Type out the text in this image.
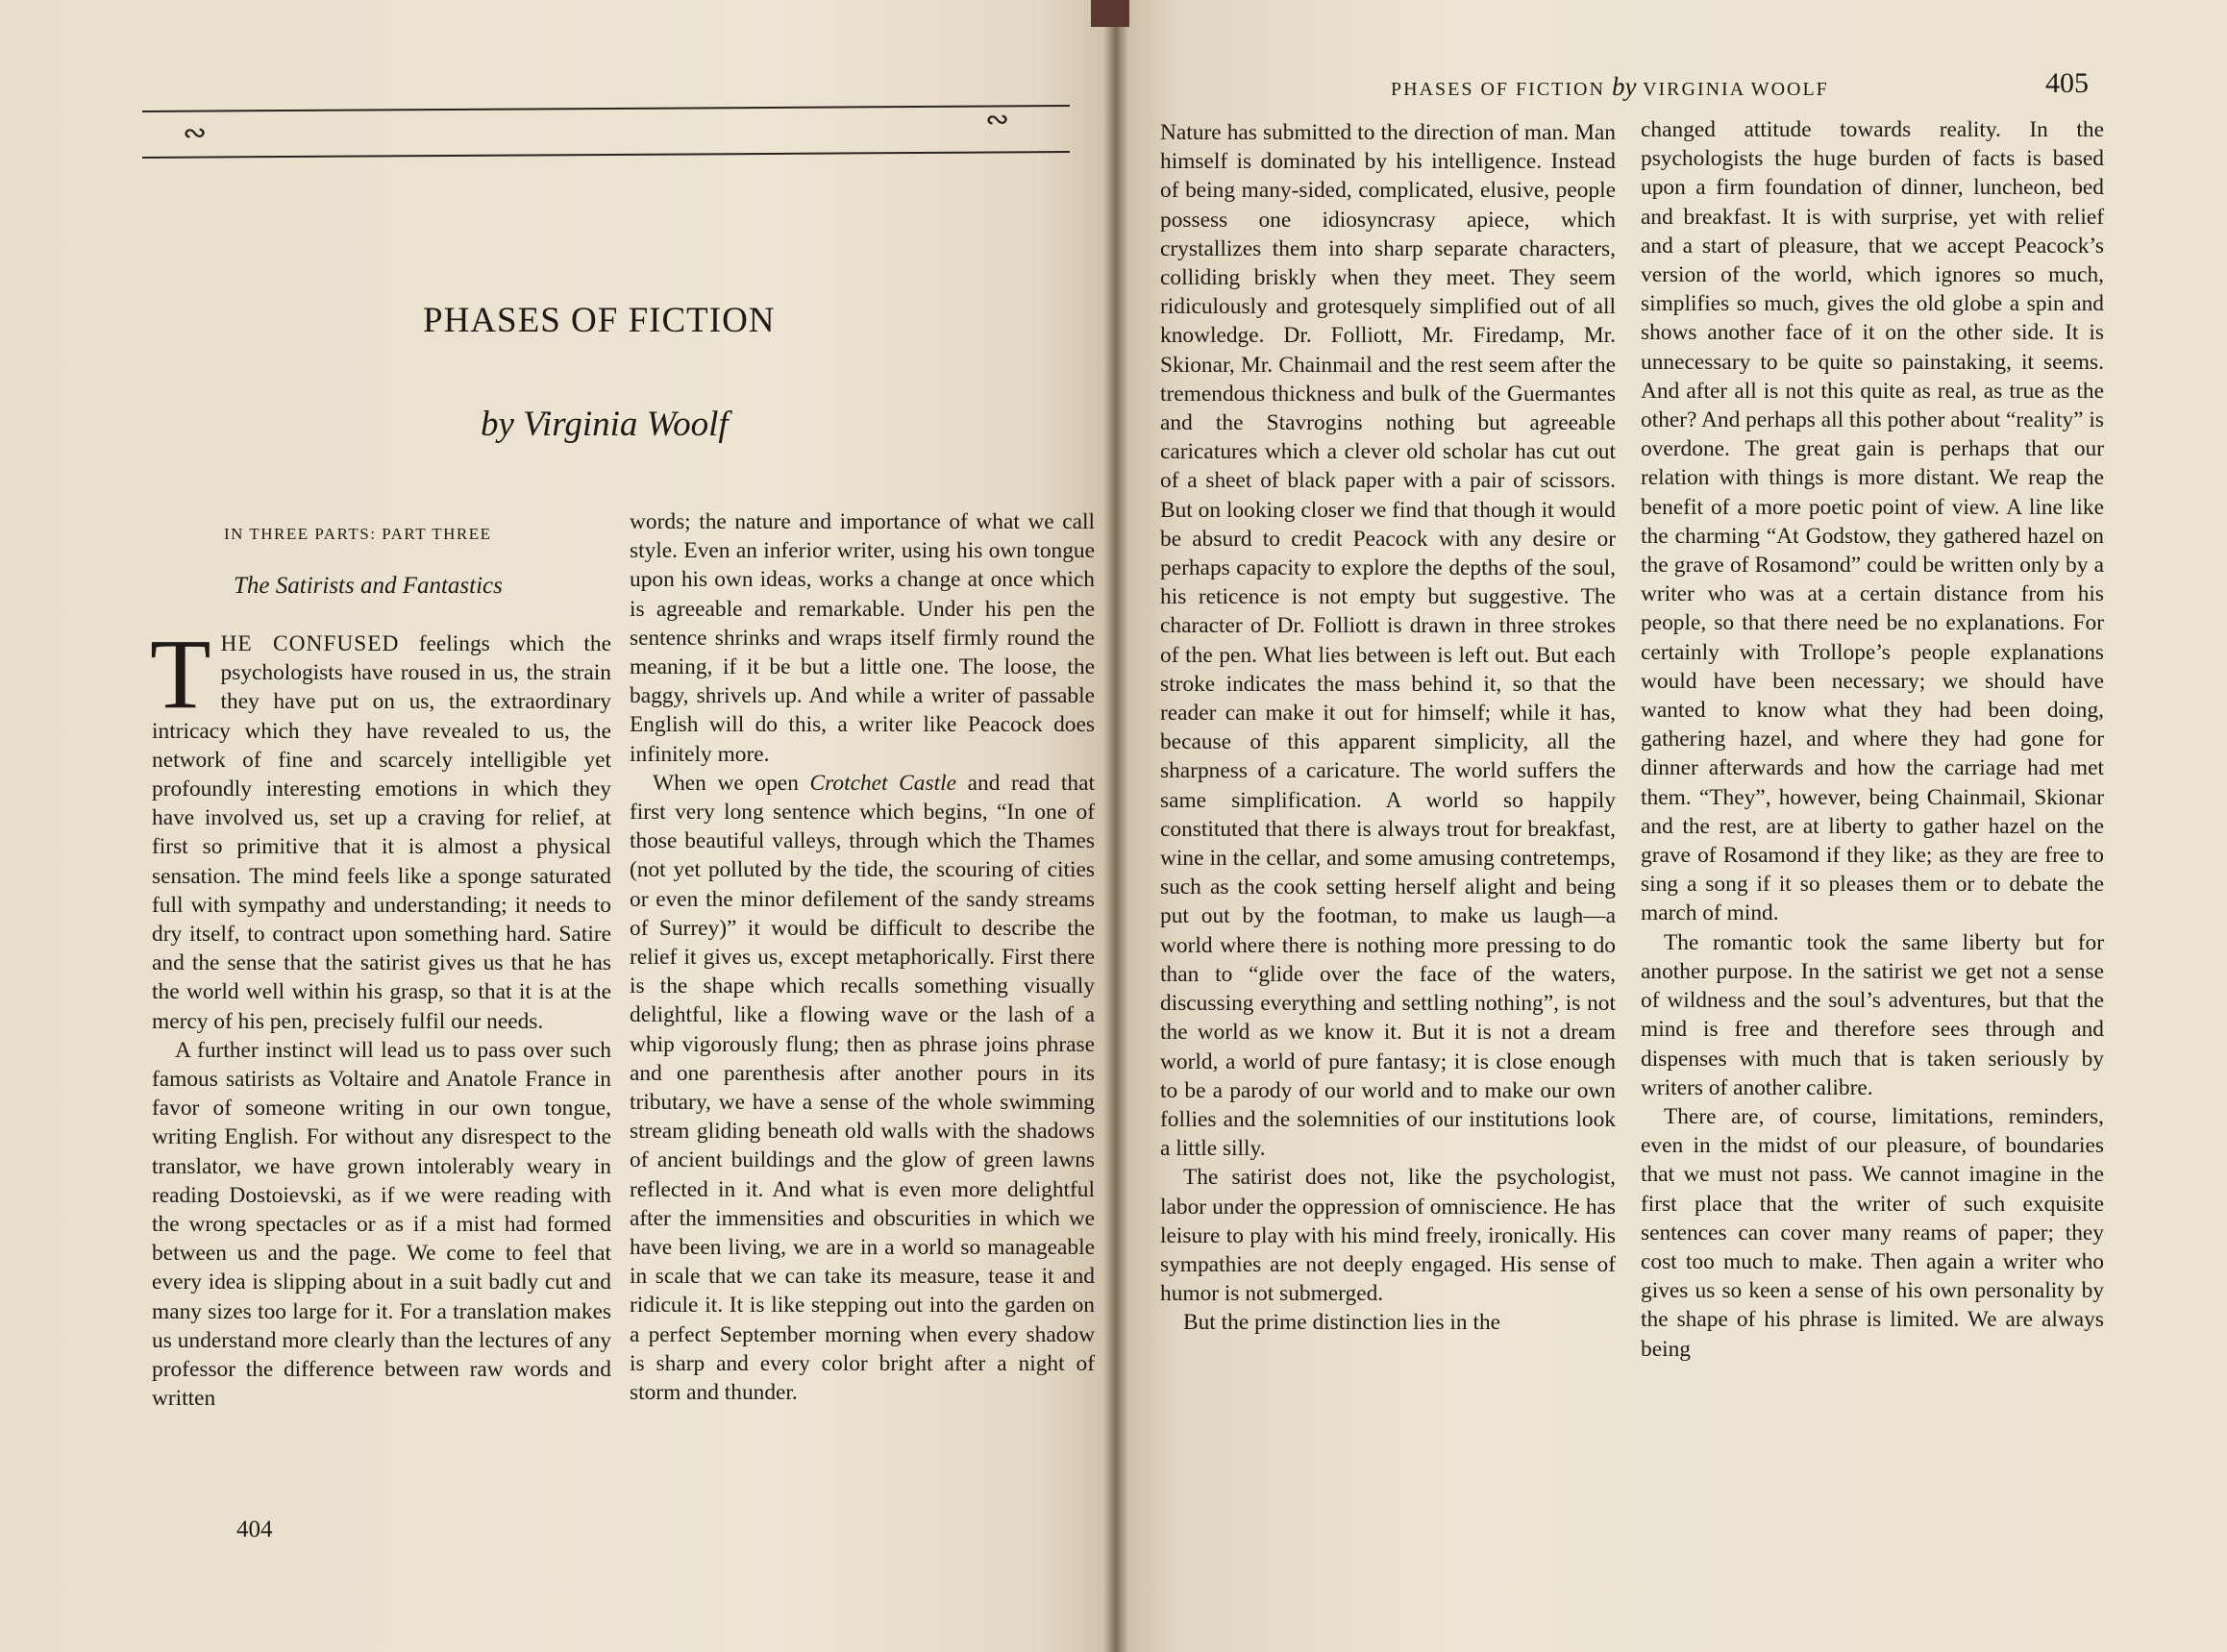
∾	∾
PHASES OF FICTION
by Virginia Woolf
IN THREE PARTS: PART THREE
The Satirists and Fantastics

THE CONFUSED feelings which the psychologists have roused in us, the strain they have put on us, the extraordinary intricacy which they have revealed to us, the network of fine and scarcely intelligible yet profoundly interesting emotions in which they have involved us, set up a craving for relief, at first so primitive that it is almost a physical sensation. The mind feels like a sponge saturated full with sympathy and understanding; it needs to dry itself, to contract upon something hard. Satire and the sense that the satirist gives us that he has the world well within his grasp, so that it is at the mercy of his pen, precisely fulfil our needs.

A further instinct will lead us to pass over such famous satirists as Voltaire and Anatole France in favor of someone writing in our own tongue, writing English. For without any disrespect to the translator, we have grown intolerably weary in reading Dostoievski, as if we were reading with the wrong spectacles or as if a mist had formed between us and the page. We come to feel that every idea is slipping about in a suit badly cut and many sizes too large for it. For a translation makes us understand more clearly than the lectures of any professor the difference between raw words and written

words; the nature and importance of what we call style. Even an inferior writer, using his own tongue upon his own ideas, works a change at once which is agreeable and remarkable. Under his pen the sentence shrinks and wraps itself firmly round the meaning, if it be but a little one. The loose, the baggy, shrivels up. And while a writer of passable English will do this, a writer like Peacock does infinitely more.

When we open Crotchet Castle and read that first very long sentence which begins, “In one of those beautiful valleys, through which the Thames (not yet polluted by the tide, the scouring of cities or even the minor defilement of the sandy streams of Surrey)” it would be difficult to describe the relief it gives us, except metaphorically. First there is the shape which recalls something visually delightful, like a flowing wave or the lash of a whip vigorously flung; then as phrase joins phrase and one parenthesis after another pours in its tributary, we have a sense of the whole swimming stream gliding beneath old walls with the shadows of ancient buildings and the glow of green lawns reflected in it. And what is even more delightful after the immensities and obscurities in which we have been living, we are in a world so manageable in scale that we can take its measure, tease it and ridicule it. It is like stepping out into the garden on a perfect September morning when every shadow is sharp and every color bright after a night of storm and thunder.

404
PHASES OF FICTION by VIRGINIA WOOLF	405

Nature has submitted to the direction of man. Man himself is dominated by his intelligence. Instead of being many-sided, complicated, elusive, people possess one idiosyncrasy apiece, which crystallizes them into sharp separate characters, colliding briskly when they meet. They seem ridiculously and grotesquely simplified out of all knowledge. Dr. Folliott, Mr. Firedamp, Mr. Skionar, Mr. Chainmail and the rest seem after the tremendous thickness and bulk of the Guermantes and the Stavrogins nothing but agreeable caricatures which a clever old scholar has cut out of a sheet of black paper with a pair of scissors. But on looking closer we find that though it would be absurd to credit Peacock with any desire or perhaps capacity to explore the depths of the soul, his reticence is not empty but suggestive. The character of Dr. Folliott is drawn in three strokes of the pen. What lies between is left out. But each stroke indicates the mass behind it, so that the reader can make it out for himself; while it has, because of this apparent simplicity, all the sharpness of a caricature. The world suffers the same simplification. A world so happily constituted that there is always trout for breakfast, wine in the cellar, and some amusing contretemps, such as the cook setting herself alight and being put out by the footman, to make us laugh—a world where there is nothing more pressing to do than to “glide over the face of the waters, discussing everything and settling nothing”, is not the world as we know it. But it is not a dream world, a world of pure fantasy; it is close enough to be a parody of our world and to make our own follies and the solemnities of our institutions look a little silly.

The satirist does not, like the psychologist, labor under the oppression of omniscience. He has leisure to play with his mind freely, ironically. His sympathies are not deeply engaged. His sense of humor is not submerged.

But the prime distinction lies in the

changed attitude towards reality. In the psychologists the huge burden of facts is based upon a firm foundation of dinner, luncheon, bed and breakfast. It is with surprise, yet with relief and a start of pleasure, that we accept Peacock’s version of the world, which ignores so much, simplifies so much, gives the old globe a spin and shows another face of it on the other side. It is unnecessary to be quite so painstaking, it seems. And after all is not this quite as real, as true as the other? And perhaps all this pother about “reality” is overdone. The great gain is perhaps that our relation with things is more distant. We reap the benefit of a more poetic point of view. A line like the charming “At Godstow, they gathered hazel on the grave of Rosamond” could be written only by a writer who was at a certain distance from his people, so that there need be no explanations. For certainly with Trollope’s people explanations would have been necessary; we should have wanted to know what they had been doing, gathering hazel, and where they had gone for dinner afterwards and how the carriage had met them. “They”, however, being Chainmail, Skionar and the rest, are at liberty to gather hazel on the grave of Rosamond if they like; as they are free to sing a song if it so pleases them or to debate the march of mind.

The romantic took the same liberty but for another purpose. In the satirist we get not a sense of wildness and the soul’s adventures, but that the mind is free and therefore sees through and dispenses with much that is taken seriously by writers of another calibre.

There are, of course, limitations, reminders, even in the midst of our pleasure, of boundaries that we must not pass. We cannot imagine in the first place that the writer of such exquisite sentences can cover many reams of paper; they cost too much to make. Then again a writer who gives us so keen a sense of his own personality by the shape of his phrase is limited. We are always being
